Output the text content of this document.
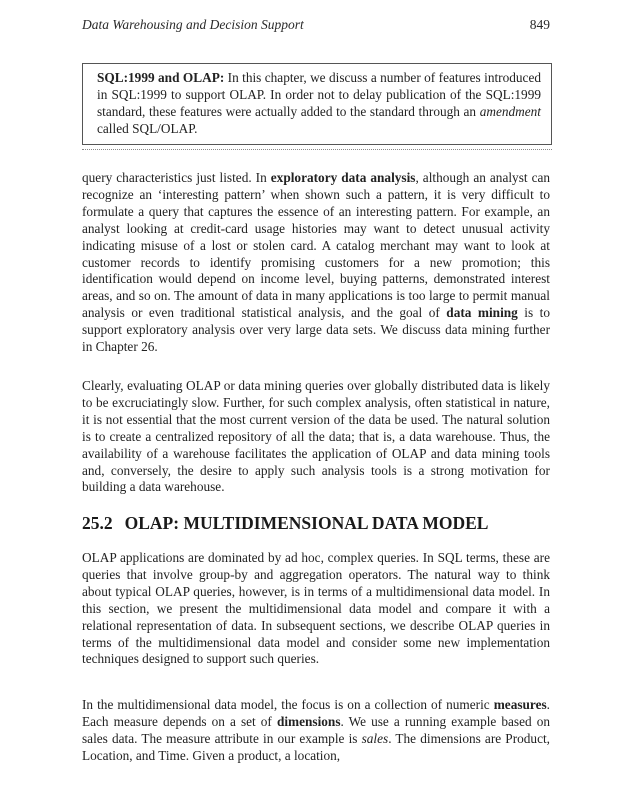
Data Warehousing and Decision Support	849
SQL:1999 and OLAP: In this chapter, we discuss a number of features introduced in SQL:1999 to support OLAP. In order not to delay publication of the SQL:1999 standard, these features were actually added to the standard through an amendment called SQL/OLAP.

query characteristics just listed. In exploratory data analysis, although an analyst can recognize an ‘interesting pattern’ when shown such a pattern, it is very difficult to formulate a query that captures the essence of an interesting pattern. For example, an analyst looking at credit-card usage histories may want to detect unusual activity indicating misuse of a lost or stolen card. A catalog merchant may want to look at customer records to identify promising customers for a new promotion; this identification would depend on income level, buying patterns, demonstrated interest areas, and so on. The amount of data in many applications is too large to permit manual analysis or even traditional statistical analysis, and the goal of data mining is to support exploratory analysis over very large data sets. We discuss data mining further in Chapter 26.

Clearly, evaluating OLAP or data mining queries over globally distributed data is likely to be excruciatingly slow. Further, for such complex analysis, often statistical in nature, it is not essential that the most current version of the data be used. The natural solution is to create a centralized repository of all the data; that is, a data warehouse. Thus, the availability of a warehouse facilitates the application of OLAP and data mining tools and, conversely, the desire to apply such analysis tools is a strong motivation for building a data warehouse.

25.2 OLAP: MULTIDIMENSIONAL DATA MODEL

OLAP applications are dominated by ad hoc, complex queries. In SQL terms, these are queries that involve group-by and aggregation operators. The natural way to think about typical OLAP queries, however, is in terms of a multidimensional data model. In this section, we present the multidimensional data model and compare it with a relational representation of data. In subsequent sections, we describe OLAP queries in terms of the multidimensional data model and consider some new implementation techniques designed to support such queries.

In the multidimensional data model, the focus is on a collection of numeric measures. Each measure depends on a set of dimensions. We use a running example based on sales data. The measure attribute in our example is sales. The dimensions are Product, Location, and Time. Given a product, a location,
